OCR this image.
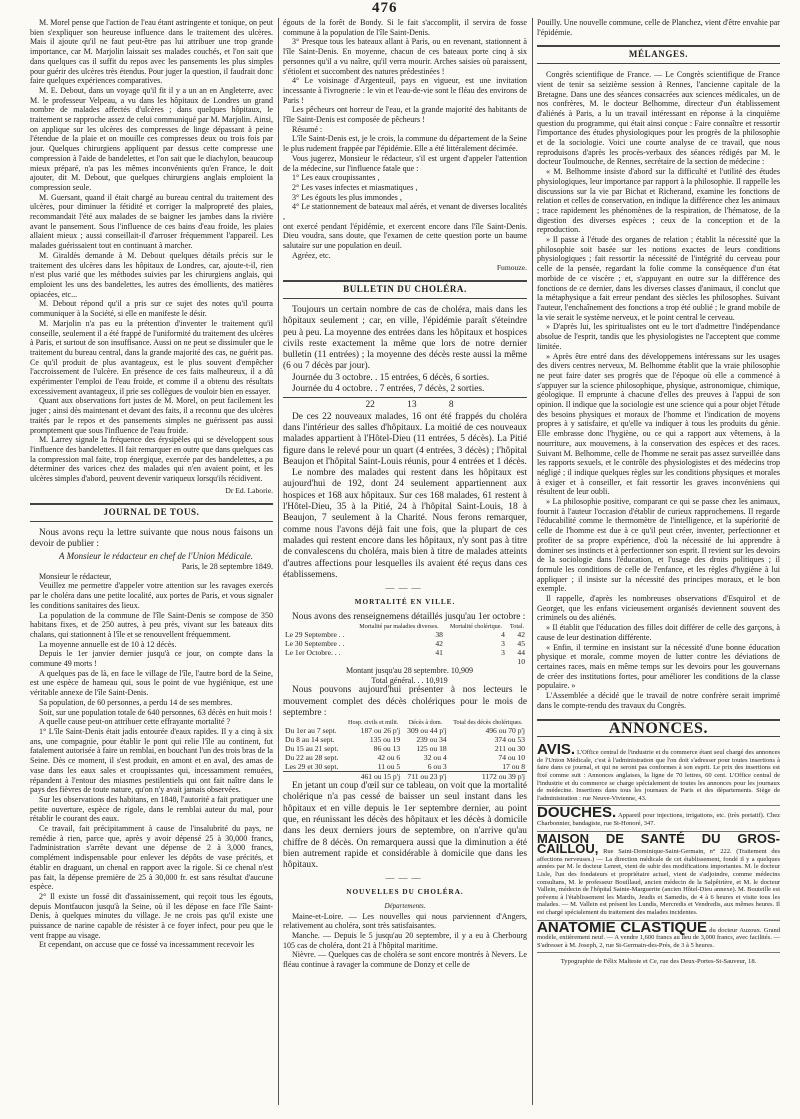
476

M. Morel pense que l'action de l'eau étant astringente et tonique, on peut bien s'expliquer son heureuse influence dans le traitement des ulcères. Mais il ajoute qu'il ne faut peut-être pas lui attribuer une trop grande importance, car M. Marjolin laissait ses malades couchés, et l'on sait que dans quelques cas il suffit du repos avec les pansements les plus simples pour guérir des ulcères très étendus. Pour juger la question, il faudrait donc faire quelques expériences comparatives.

M. E. Debout, dans un voyage qu'il fit il y a un an en Angleterre, avec M. le professeur Velpeau, a vu dans les hôpitaux de Londres un grand nombre de malades affectés d'ulcères ; dans quelques hôpitaux, le traitement se rapproche assez de celui communiqué par M. Marjolin. Ainsi, on applique sur les ulcères des compresses de linge dépassant à peine l'étendue de la plaie et on mouille ces compresses deux ou trois fois par jour. Quelques chirurgiens appliquent par dessus cette compresse une compression à l'aide de bandelettes, et l'on sait que le diachylon, beaucoup mieux préparé, n'a pas les mêmes inconvénients qu'en France, le doit ajouter, dit M. Debout, que quelques chirurgiens anglais emploient la compression seule.

M. Guersant, quand il était chargé au bureau central du traitement des ulcères, pour diminuer la fétidité et corriger la malpropreté des plaies, recommandait l'été aux malades de se baigner les jambes dans la rivière avant le pansement. Sous l'influence de ces bains d'eau froide, les plaies allaient mieux ; aussi conseillait-il d'arroser fréquemment l'appareil. Les malades guérissaient tout en continuant à marcher.

M. Giraldès demande à M. Debout quelques détails précis sur le traitement des ulcères dans les hôpitaux de Londres, car, ajoute-t-il, rien n'est plus varié que les méthodes suivies par les chirurgiens anglais, qui emploient les uns des bandelettes, les autres des émollients, des matières opiacées, etc...

M. Debout répond qu'il a pris sur ce sujet des notes qu'il pourra communiquer à la Société, si elle en manifeste le désir.

M. Marjolin n'a pas eu la prétention d'inventer le traitement qu'il conseille, seulement il a été frappé de l'uniformité du traitement des ulcères à Paris, et surtout de son insuffisance. Aussi on ne peut se dissimuler que le traitement du bureau central, dans la grande majorité des cas, ne guérit pas. Ce qu'il produit de plus avantageux, est le plus souvent d'empêcher l'accroissement de l'ulcère. En présence de ces faits malheureux, il a dû expérimenter l'emploi de l'eau froide, et comme il a obtenu des résultats excessivement avantageux, il prie ses collègues de vouloir bien en essayer.

Quant aux observations fort justes de M. Morel, on peut facilement les juger ; ainsi dès maintenant et devant des faits, il a reconnu que des ulcères traités par le repos et des pansements simples ne guérissent pas aussi promptement que sous l'influence de l'eau froide.

M. Larrey signale la fréquence des érysipèles qui se développent sous l'influence des bandelettes. Il fait remarquer en outre que dans quelques cas la compression mal faite, trop énergique, exercée par des bandelettes, a pu déterminer des varices chez des malades qui n'en avaient point, et les ulcères simples d'abord, peuvent devenir variqueux lorsqu'ils récidivent.

Dr Ed. Laborie.
JOURNAL DE TOUS.

Nous avons reçu la lettre suivante que nous nous faisons un devoir de publier :

A Monsieur le rédacteur en chef de l'Union Médicale.

Paris, le 28 septembre 1849.

Monsieur le rédacteur,

Veuillez me permettre d'appeler votre attention sur les ravages exercés par le choléra dans une petite localité, aux portes de Paris, et vous signaler les conditions sanitaires des lieux.

La population de la commune de l'île Saint-Denis se compose de 350 habitans fixes, et de 250 autres, à peu près, vivant sur les bateaux dits chalans, qui stationnent à l'île et se renouvellent fréquemment.

La moyenne annuelle est de 10 à 12 décès.

Depuis le 1er janvier dernier jusqu'à ce jour, on compte dans la commune 49 morts !

A quelques pas de là, en face le village de l'île, l'autre bord de la Seine, est une espèce de hameau qui, sous le point de vue hygiénique, est une véritable annexe de l'île Saint-Denis.

Sa population, de 60 personnes, a perdu 14 de ses membres.

Soit, sur une population totale de 640 personnes, 63 décès en huit mois !

A quelle cause peut-on attribuer cette effrayante mortalité ?

1° L'île Saint-Denis était jadis entourée d'eaux rapides. Il y a cinq à six ans, une compagnie, pour établir le pont qui relie l'île au continent, fut fatalement autorisée à faire un remblai, en bouchant l'un des trois bras de la Seine. Dès ce moment, il s'est produit, en amont et en aval, des amas de vase dans les eaux sales et croupissantes qui, incessamment remuées, répandent à l'entour des miasmes pestilentiels qui ont fait naître dans le pays des fièvres de toute nature, qu'on n'y avait jamais observées.

Sur les observations des habitans, en 1848, l'autorité a fait pratiquer une petite ouverture, espèce de rigole, dans le remblai auteur du mal, pour rétablir le courant des eaux.

Ce travail, fait précipitamment à cause de l'insalubrité du pays, ne remédie à rien, parce que, après y avoir dépensé 25 à 30,000 francs, l'administration s'arrête devant une dépense de 2 à 3,000 francs, complément indispensable pour enlever les dépôts de vase précités, et établir en draguant, un chenal en rapport avec la rigole. Si ce chenal n'est pas fait, la dépense première de 25 à 30,000 fr. est sans résultat d'aucune espèce.

2° Il existe un fossé dit d'assainissement, qui reçoit tous les égouts, depuis Montfaucon jusqu'à la Seine, où il les dépose en face l'île Saint-Denis, à quelques minutes du village. Je ne crois pas qu'il existe une puissance de narine capable de résister à ce foyer infect, pour peu que le vent frappe au visage.

Et cependant, on accuse que ce fossé va incessamment recevoir les

égouts de la forêt de Bondy. Si le fait s'accomplit, il servira de fosse commune à la population de l'île Saint-Denis.

3° Presque tous les bateaux allant à Paris, ou en revenant, stationnent à l'île Saint-Denis. En moyenne, chacun de ces bateaux porte cinq à six personnes qu'il a vu naître, qu'il verra mourir. Arches saisies où paraissent, s'étiolent et succombent des natures prédestinées !

4° Le voisinage d'Argenteuil, pays en vigueur, est une invitation incessante à l'ivrognerie : le vin et l'eau-de-vie sont le fléau des environs de Paris !

Les pêcheurs ont horreur de l'eau, et la grande majorité des habitants de l'île Saint-Denis est composée de pêcheurs !

Résumé :

L'île Saint-Denis est, je le crois, la commune du département de la Seine le plus rudement frappée par l'épidémie. Elle a été littéralement décimée.

Vous jugerez, Monsieur le rédacteur, s'il est urgent d'appeler l'attention de la médecine, sur l'influence fatale que :

1° Les eaux croupissantes ,

2° Les vases infectes et miasmatiques ,

3° Les égouts les plus immondes ,

4° Le stationnement de bateaux mal aérés, et venant de diverses localités ,

ont exercé pendant l'épidémie, et exercent encore dans l'île Saint-Denis. Dieu voudra, sans doute, que l'examen de cette question porte un baume salutaire sur une population en deuil.

Agréez, etc.

Fumouze.
BULLETIN DU CHOLÉRA.

Toujours un certain nombre de cas de choléra, mais dans les hôpitaux seulement ; car, en ville, l'épidémie paraît s'éteindre peu à peu. La moyenne des entrées dans les hôpitaux et hospices civils reste exactement la même que lors de notre dernier bulletin (11 entrées) ; la moyenne des décès reste aussi la même (6 ou 7 décès par jour).

Journée du 3 octobre. . 15 entrées, 6 décès, 6 sorties.

Journée du 4 octobre. . 7 entrées, 7 décès, 2 sorties.

22	13	8

De ces 22 nouveaux malades, 16 ont été frappés du choléra dans l'intérieur des salles d'hôpitaux. La moitié de ces nouveaux malades appartient à l'Hôtel-Dieu (11 entrées, 5 décès). La Pitié figure dans le relevé pour un quart (4 entrées, 3 décès) ; l'hôpital Beaujon et l'hôpital Saint-Louis réunis, pour 4 entrées et 1 décès.

Le nombre des malades qui restent dans les hôpitaux est aujourd'hui de 192, dont 24 seulement appartiennent aux hospices et 168 aux hôpitaux. Sur ces 168 malades, 61 restent à l'Hôtel-Dieu, 35 à la Pitié, 24 à l'hôpital Saint-Louis, 18 à Beaujon, 7 seulement à la Charité. Nous ferons remarquer, comme nous l'avons déjà fait une fois, que la plupart de ces malades qui restent encore dans les hôpitaux, n'y sont pas à titre de convalescens du choléra, mais bien à titre de malades atteints d'autres affections pour lesquelles ils avaient été reçus dans ces établissemens.

———
MORTALITÉ EN VILLE.

Nous avons des renseignemens détaillés jusqu'au 1er octobre :

	Mortalité par maladies diverses.	Mortalité cholérique.	Total.
Le 29 Septembre . .	38	4	42
Le 30 Septembre . .	42	3	45
Le 1er Octobre. . .	41	3	44
			10

Montant jusqu'au 28 septembre. 10,909

Total général. . . 10,919

Nous pouvons aujourd'hui présenter à nos lecteurs le mouvement complet des décès cholériques pour le mois de septembre :

	Hosp. civils et milit.	Décès à dom.	Total des décès cholériques.
Du 1er au 7 sept.	187 ou 26 p'j	309 ou 44 p'j	496 ou 70 p'j
Du 8 au 14 sept.	135 ou 19	239 ou 34	374 ou 53
Du 15 au 21 sept.	86 ou 13	125 ou 18	211 ou 30
Du 22 au 28 sept.	42 ou 6	32 ou 4	74 ou 10
Les 29 et 30 sept.	11 ou 5	6 ou 3	17 ou 8
	461 ou 15 p'j	711 ou 23 p'j	1172 ou 39 p'j

En jetant un coup d'œil sur ce tableau, on voit que la mortalité cholérique n'a pas cessé de baisser un seul instant dans les hôpitaux et en ville depuis le 1er septembre dernier, au point que, en réunissant les décès des hôpitaux et les décès à domicile dans les deux derniers jours de septembre, on n'arrive qu'au chiffre de 8 décès. On remarquera aussi que la diminution a été bien autrement rapide et considérable à domicile que dans les hôpitaux.

———
NOUVELLES DU CHOLÉRA.
Départements.

Maine-et-Loire. — Les nouvelles qui nous parviennent d'Angers, relativement au choléra, sont très satisfaisantes.

Manche. — Depuis le 5 jusqu'au 20 septembre, il y a eu à Cherbourg 105 cas de choléra, dont 21 à l'hôpital maritime.

Nièvre. — Quelques cas de choléra se sont encore montrés à Nevers. Le fléau continue à ravager la commune de Donzy et celle de

Pouilly. Une nouvelle commune, celle de Planchez, vient d'être envahie par l'épidémie.

MÉLANGES.

Congrès scientifique de France. — Le Congrès scientifique de France vient de tenir sa seizième session à Rennes, l'ancienne capitale de la Bretagne. Dans une des séances consacrées aux sciences médicales, un de nos confrères, M. le docteur Belhomme, directeur d'un établissement d'aliénés à Paris, a lu un travail intéressant en réponse à la cinquième question du programme, qui était ainsi conçue : Faire connaître et ressortir l'importance des études physiologiques pour les progrès de la philosophie et de la sociologie. Voici une courte analyse de ce travail, que nous reproduisons d'après les procès-verbaux des séances rédigés par M. le docteur Toulmouche, de Rennes, secrétaire de la section de médecine :

« M. Belhomme insiste d'abord sur la difficulté et l'utilité des études physiologiques, leur importance par rapport à la philosophie. Il rappelle les discussions sur la vie par Bichat et Richerand, examine les fonctions de relation et celles de conservation, en indique la différence chez les animaux ; trace rapidement les phénomènes de la respiration, de l'hématose, de la digestion des diverses espèces ; ceux de la conception et de la reproduction.

» Il passe à l'étude des organes de relation ; établit la nécessité que la philosophie soit basée sur les notions exactes de leurs conditions physiologiques ; fait ressortir la nécessité de l'intégrité du cerveau pour celle de la pensée, regardant la folie comme la conséquence d'un état morbide de ce viscère ; et, s'appuyant en outre sur la différence des fonctions de ce dernier, dans les diverses classes d'animaux, il conclut que la métaphysique a fait erreur pendant des siècles les philosophes. Suivant l'auteur, l'enchaînement des fonctions a trop été oublié ; le grand mobile de la vie serait le système nerveux, et le point central le cerveau.

» D'après lui, les spiritualistes ont eu le tort d'admettre l'indépendance absolue de l'esprit, tandis que les physiologistes ne l'acceptent que comme limitée.

» Après être entré dans des développemens intéressans sur les usages des divers centres nerveux, M. Belhomme établit que la vraie philosophie ne peut faire dater ses progrès que de l'époque où elle a commencé à s'appuyer sur la science philosophique, physique, astronomique, chimique, géologique. Il emprunte à chacune d'elles des preuves à l'appui de son opinion. Il indique que la sociologie est une science qui a pour objet l'étude des besoins physiques et moraux de l'homme et l'indication de moyens propres à y satisfaire, et qu'elle va indiquer à tous les produits du génie. Elle embrasse donc l'hygiène, ou ce qui a rapport aux vêtemens, à la nourriture, aux mouvemens, à la conservation des espèces et des races. Suivant M. Belhomme, celle de l'homme ne serait pas assez surveillée dans les rapports sexuels, et le contrôle des physiologistes et des médecins trop négligé ; il indique quelques règles sur les conditions physiques et morales à exiger et à conseiller, et fait ressortir les graves inconvéniens qui résultent de leur oubli.

» La philosophie positive, comparant ce qui se passe chez les animaux, fournit à l'auteur l'occasion d'établir de curieux rapprochemens. Il regarde l'éducabilité comme le thermomètre de l'intelligence, et la supériorité de celle de l'homme est due à ce qu'il peut créer, inventer, perfectionner et profiter de sa propre expérience, d'où la nécessité de lui apprendre à dominer ses instincts et à perfectionner son esprit. Il revient sur les devoirs de la sociologie dans l'éducation, et l'usage des droits politiques ; il formule les conditions de celle de l'enfance, et les règles d'hygiène à lui appliquer ; il insiste sur la nécessité des principes moraux, et le bon exemple.

Il rappelle, d'après les nombreuses observations d'Esquirol et de Georget, que les enfans vicieusement organisés deviennent souvent des criminels ou des aliénés.

» Il établit que l'éducation des filles doit différer de celle des garçons, à cause de leur destination différente.

« Enfin, il termine en insistant sur la nécessité d'une bonne éducation physique et morale, comme moyen de lutter contre les déviations de certaines races, mais en même temps sur les devoirs pour les gouvernans de créer des institutions fortes, pour améliorer les conditions de la classe populaire. »

L'Assemblée a décidé que le travail de notre confrère serait imprimé dans le compte-rendu des travaux du Congrès.

ANNONCES.
AVIS. L'Office central de l'industrie et du commerce étant seul chargé des annonces de l'Union Médicale, c'est à l'administration que l'on doit s'adresser pour toutes insertions à faire dans ce journal, et qui ne seront pas conformes à son esprit. Le prix des insertions est fixé comme suit : Annonces anglaises, la ligne de 70 lettres, 60 cent. L'Office central de l'industrie et du commerce se charge spécialement de toutes les annonces pour les journaux de médecine. Insertions dans tous les journaux de Paris et des départements. Siège de l'administration : rue Neuve-Vivienne, 43.
DOUCHES. Appareil pour injections, irrigations, etc. (très portatif). Chez Charbonnier, bandagiste, rue St-Honoré, 347.
MAISON DE SANTÉ DU GROS-CAILLOU, Rue Saint-Dominique-Saint-Germain, n° 222. (Traitement des affections nerveuses.) — La direction médicale de cet établissement, fondé il y a quelques années par M. le docteur Lenret, vient de subir des modifications importantes. M. le docteur Lisle, l'un des fondateurs et propriétaire actuel, vient de s'adjoindre, comme médecins consultans, M. le professeur Bouillaud, ancien médecin de la Salpêtrière, et M. le docteur Vallein, médecin de l'hôpital Sainte-Marguerite (ancien Hôtel-Dieu annexe). M. Bouteille est prévenu à l'établissement les Mardis, Jeudis et Samedis, de 4 à 6 heures et visite tous les malades. — M. Vallein est présent les Lundis, Mercredis et Vendredis, aux mêmes heures. Il est chargé spécialement du traitement des malades incidentes.
ANATOMIE CLASTIQUE du docteur Auzoux. Grand modèle, entièrement neuf. — A vendre 1,600 francs au lieu de 3,000 francs, avec facilités. — S'adresser à M. Joseph, 2, rue St-Germain-des-Prés, de 3 à 5 heures.
Typographie de Félix Malteste et Ce, rue des Deux-Portes-St-Sauveur, 18.
